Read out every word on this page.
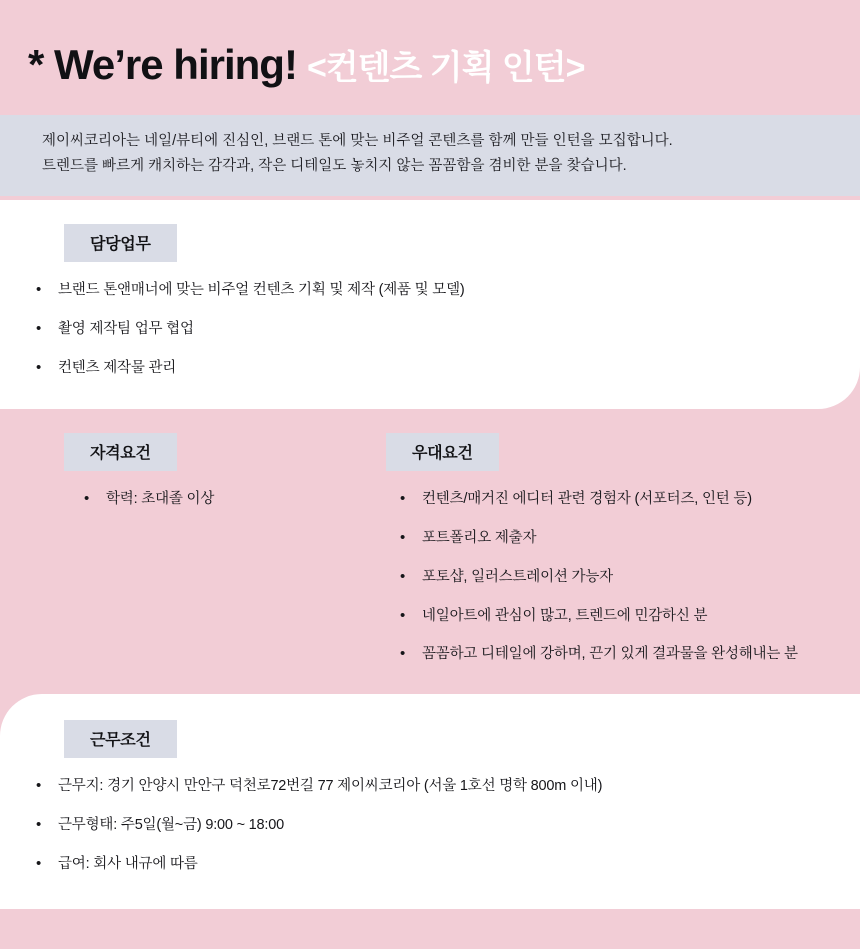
* We’re hiring! <컨텐츠 기획 인턴>
제이씨코리아는 네일/뷰티에 진심인, 브랜드 톤에 맞는 비주얼 콘텐츠를 함께 만들 인턴을 모집합니다.
트렌드를 빠르게 캐치하는 감각과, 작은 디테일도 놓치지 않는 꼼꼼함을 겸비한 분을 찾습니다.
담당업무
• 브랜드 톤앤매너에 맞는 비주얼 컨텐츠 기획 및 제작 (제품 및 모델)
• 촬영 제작팀 업무 협업
• 컨텐츠 제작물 관리
자격요건
• 학력: 초대졸 이상
우대요건
• 컨텐츠/매거진 에디터 관련 경험자 (서포터즈, 인턴 등)
• 포트폴리오 제출자
• 포토샵, 일러스트레이션 가능자
• 네일아트에 관심이 많고, 트렌드에 민감하신 분
• 꼼꼼하고 디테일에 강하며, 끈기 있게 결과물을 완성해내는 분
근무조건
• 근무지: 경기 안양시 만안구 덕천로72번길 77 제이씨코리아 (서울 1호선 명학 800m 이내)
• 근무형태: 주5일(월~금) 9:00 ~ 18:00
• 급여: 회사 내규에 따름
